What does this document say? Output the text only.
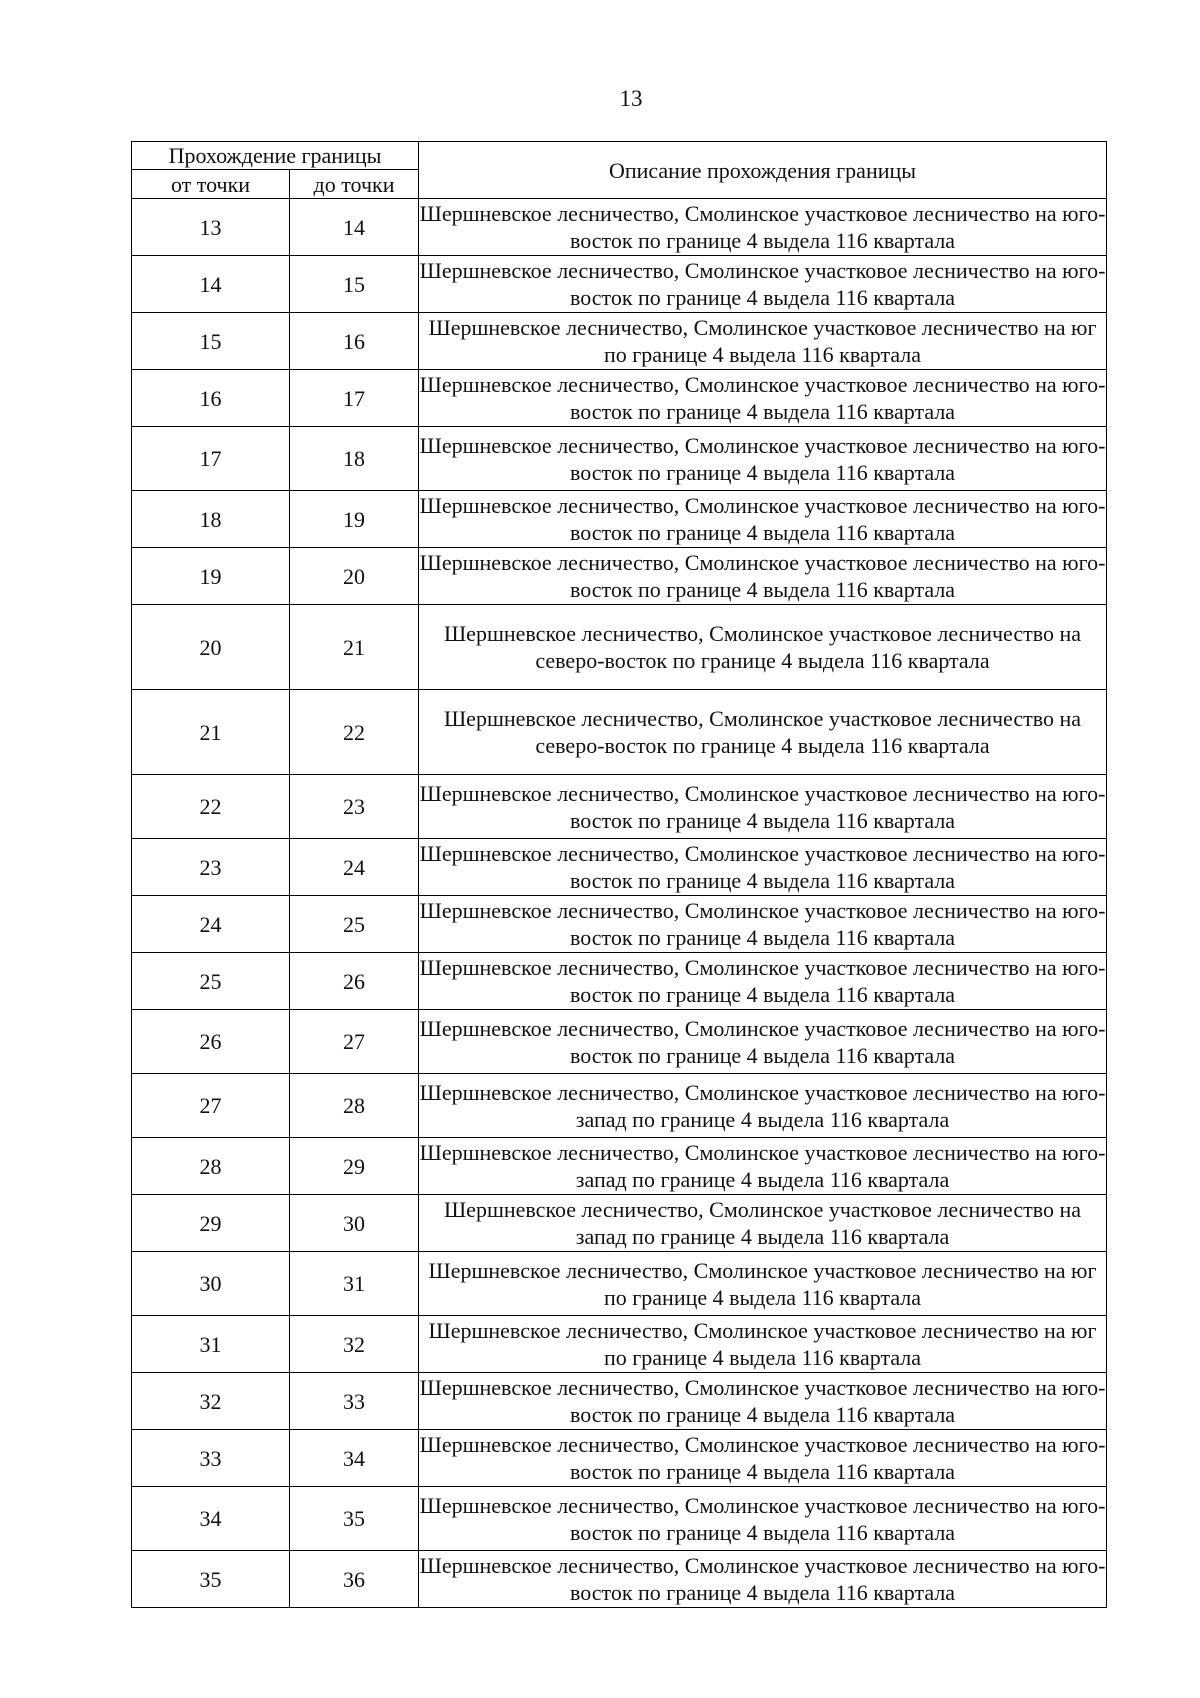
13
Прохождение границы		Описание прохождения границы
от точки	до точки	
13	14	Шершневское лесничество, Смолинское участковое лесничество на юго-восток по границе 4 выдела 116 квартала
14	15	Шершневское лесничество, Смолинское участковое лесничество на юго-восток по границе 4 выдела 116 квартала
15	16	Шершневское лесничество, Смолинское участковое лесничество на юг по границе 4 выдела 116 квартала
16	17	Шершневское лесничество, Смолинское участковое лесничество на юго-восток по границе 4 выдела 116 квартала
17	18	Шершневское лесничество, Смолинское участковое лесничество на юго-восток по границе 4 выдела 116 квартала
18	19	Шершневское лесничество, Смолинское участковое лесничество на юго-восток по границе 4 выдела 116 квартала
19	20	Шершневское лесничество, Смолинское участковое лесничество на юго-восток по границе 4 выдела 116 квартала
20	21	Шершневское лесничество, Смолинское участковое лесничество на северо-восток по границе 4 выдела 116 квартала
21	22	Шершневское лесничество, Смолинское участковое лесничество на северо-восток по границе 4 выдела 116 квартала
22	23	Шершневское лесничество, Смолинское участковое лесничество на юго-восток по границе 4 выдела 116 квартала
23	24	Шершневское лесничество, Смолинское участковое лесничество на юго-восток по границе 4 выдела 116 квартала
24	25	Шершневское лесничество, Смолинское участковое лесничество на юго-восток по границе 4 выдела 116 квартала
25	26	Шершневское лесничество, Смолинское участковое лесничество на юго-восток по границе 4 выдела 116 квартала
26	27	Шершневское лесничество, Смолинское участковое лесничество на юго-восток по границе 4 выдела 116 квартала
27	28	Шершневское лесничество, Смолинское участковое лесничество на юго-запад по границе 4 выдела 116 квартала
28	29	Шершневское лесничество, Смолинское участковое лесничество на юго-запад по границе 4 выдела 116 квартала
29	30	Шершневское лесничество, Смолинское участковое лесничество на запад по границе 4 выдела 116 квартала
30	31	Шершневское лесничество, Смолинское участковое лесничество на юг по границе 4 выдела 116 квартала
31	32	Шершневское лесничество, Смолинское участковое лесничество на юг по границе 4 выдела 116 квартала
32	33	Шершневское лесничество, Смолинское участковое лесничество на юго-восток по границе 4 выдела 116 квартала
33	34	Шершневское лесничество, Смолинское участковое лесничество на юго-восток по границе 4 выдела 116 квартала
34	35	Шершневское лесничество, Смолинское участковое лесничество на юго-восток по границе 4 выдела 116 квартала
35	36	Шершневское лесничество, Смолинское участковое лесничество на юго-восток по границе 4 выдела 116 квартала
